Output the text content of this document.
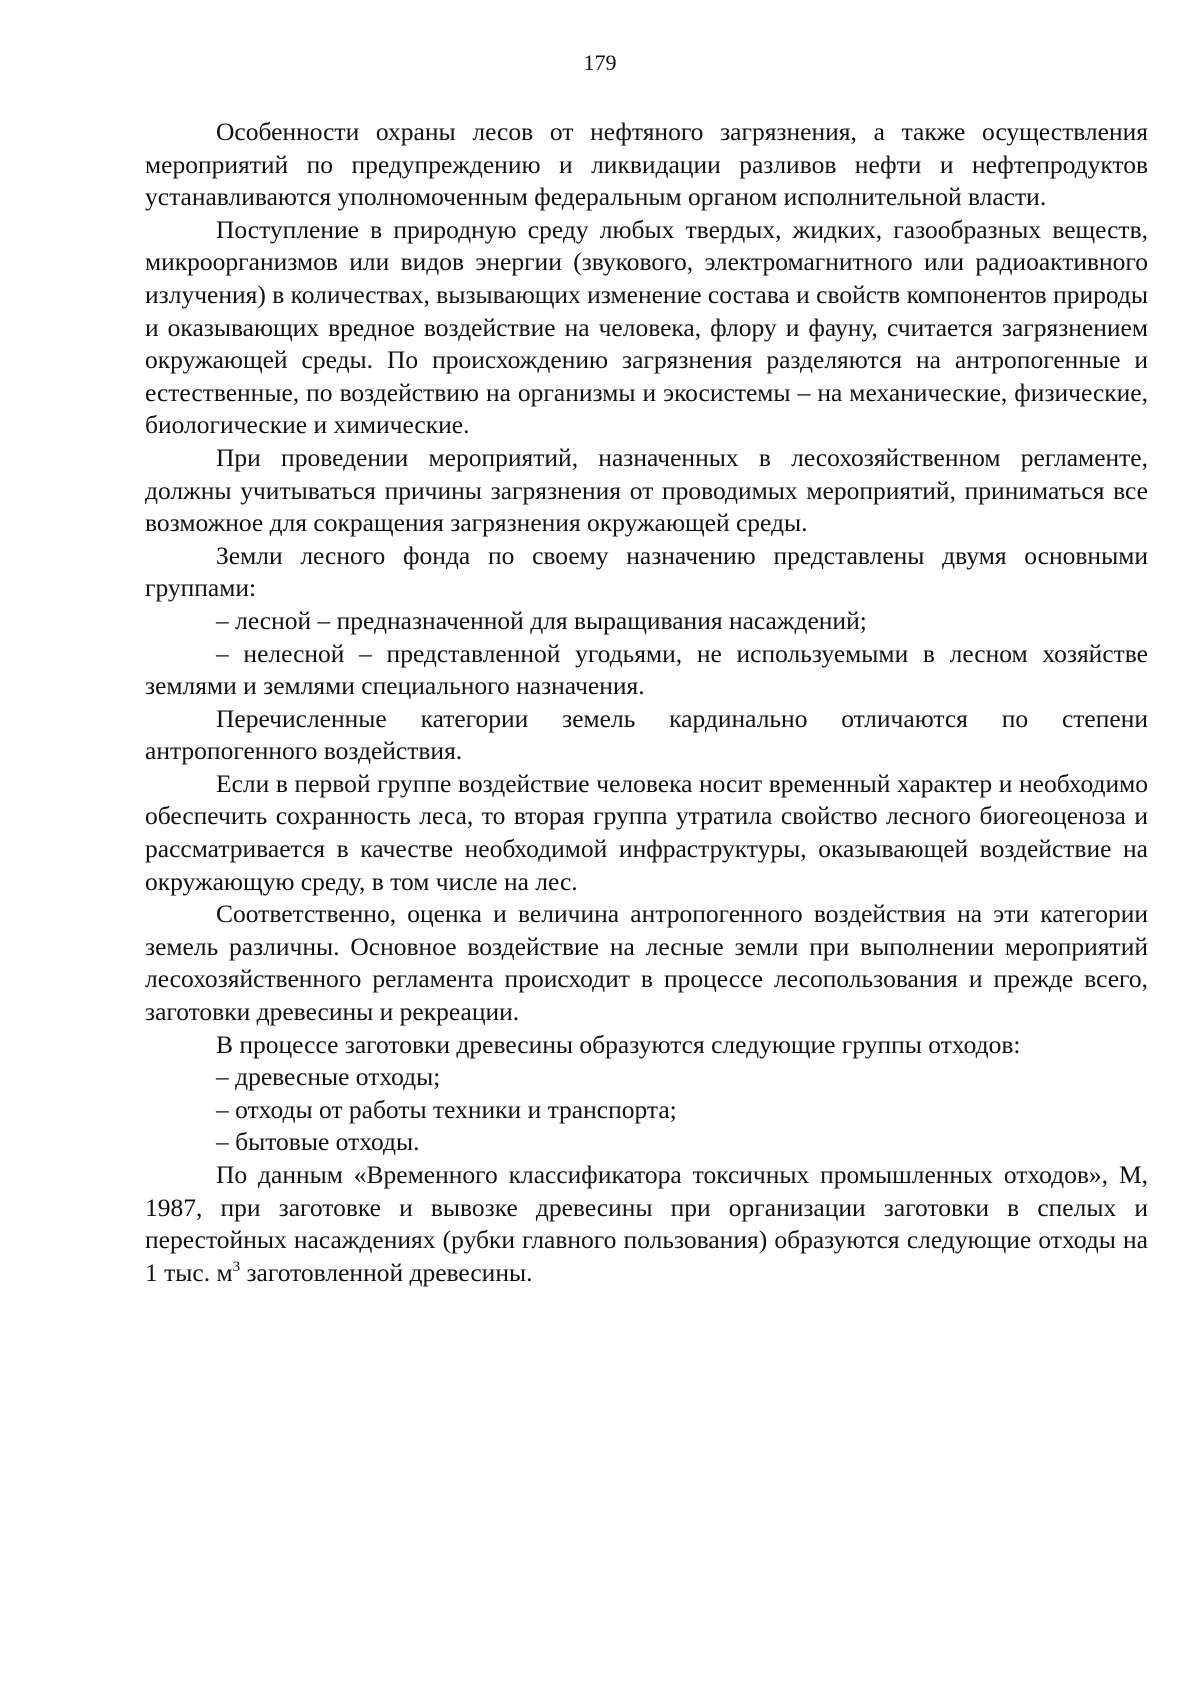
179

Особенности охраны лесов от нефтяного загрязнения, а также осуществления мероприятий по предупреждению и ликвидации разливов нефти и нефтепродуктов устанавливаются уполномоченным федеральным органом исполнительной власти.

Поступление в природную среду любых твердых, жидких, газообразных веществ, микроорганизмов или видов энергии (звукового, электромагнитного или радиоактивного излучения) в количествах, вызывающих изменение состава и свойств компонентов природы и оказывающих вредное воздействие на человека, флору и фауну, считается загрязнением окружающей среды. По происхождению загрязнения разделяются на антропогенные и естественные, по воздействию на организмы и экосистемы – на механические, физические, биологические и химические.

При проведении мероприятий, назначенных в лесохозяйственном регламенте, должны учитываться причины загрязнения от проводимых мероприятий, приниматься все возможное для сокращения загрязнения окружающей среды.

Земли лесного фонда по своему назначению представлены двумя основными группами:

– лесной – предназначенной для выращивания насаждений;

– нелесной – представленной угодьями, не используемыми в лесном хозяйстве землями и землями специального назначения.

Перечисленные категории земель кардинально отличаются по степени антропогенного воздействия.

Если в первой группе воздействие человека носит временный характер и необходимо обеспечить сохранность леса, то вторая группа утратила свойство лесного биогеоценоза и рассматривается в качестве необходимой инфраструктуры, оказывающей воздействие на окружающую среду, в том числе на лес.

Соответственно, оценка и величина антропогенного воздействия на эти категории земель различны. Основное воздействие на лесные земли при выполнении мероприятий лесохозяйственного регламента происходит в процессе лесопользования и прежде всего, заготовки древесины и рекреации.

В процессе заготовки древесины образуются следующие группы отходов:

– древесные отходы;

– отходы от работы техники и транспорта;

– бытовые отходы.

По данным «Временного классификатора токсичных промышленных отходов», М, 1987, при заготовке и вывозке древесины при организации заготовки в спелых и перестойных насаждениях (рубки главного пользования) образуются следующие отходы на 1 тыс. $м^3$ заготовленной древесины.
